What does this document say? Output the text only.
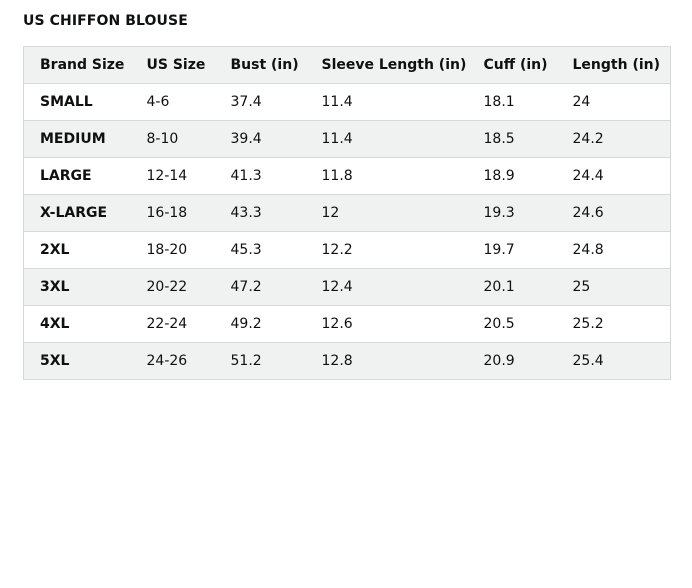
US CHIFFON BLOUSE
Brand Size	US Size	Bust (in)	Sleeve Length (in)	Cuff (in)	Length (in)
SMALL	4-6	37.4	11.4	18.1	24
MEDIUM	8-10	39.4	11.4	18.5	24.2
LARGE	12-14	41.3	11.8	18.9	24.4
X-LARGE	16-18	43.3	12	19.3	24.6
2XL	18-20	45.3	12.2	19.7	24.8
3XL	20-22	47.2	12.4	20.1	25
4XL	22-24	49.2	12.6	20.5	25.2
5XL	24-26	51.2	12.8	20.9	25.4
